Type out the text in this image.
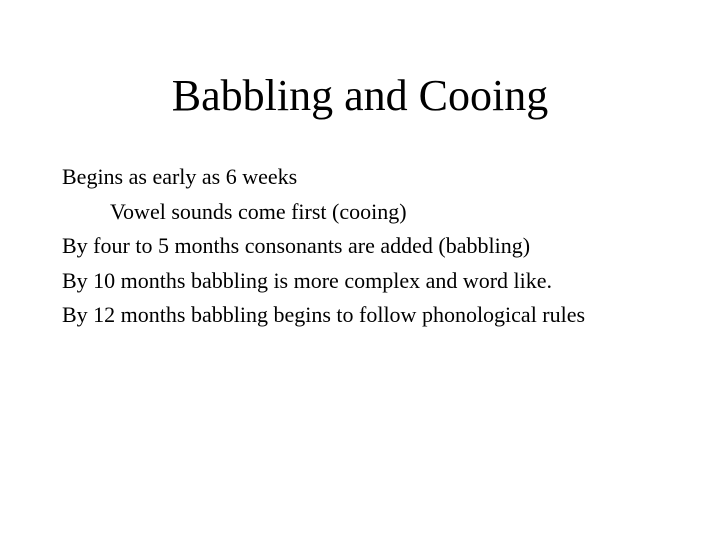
Babbling and Cooing
Begins as early as 6 weeks
Vowel sounds come first (cooing)
By four to 5 months consonants are added (babbling)
By 10 months babbling is more complex and word like.
By 12 months babbling begins to follow phonological rules
